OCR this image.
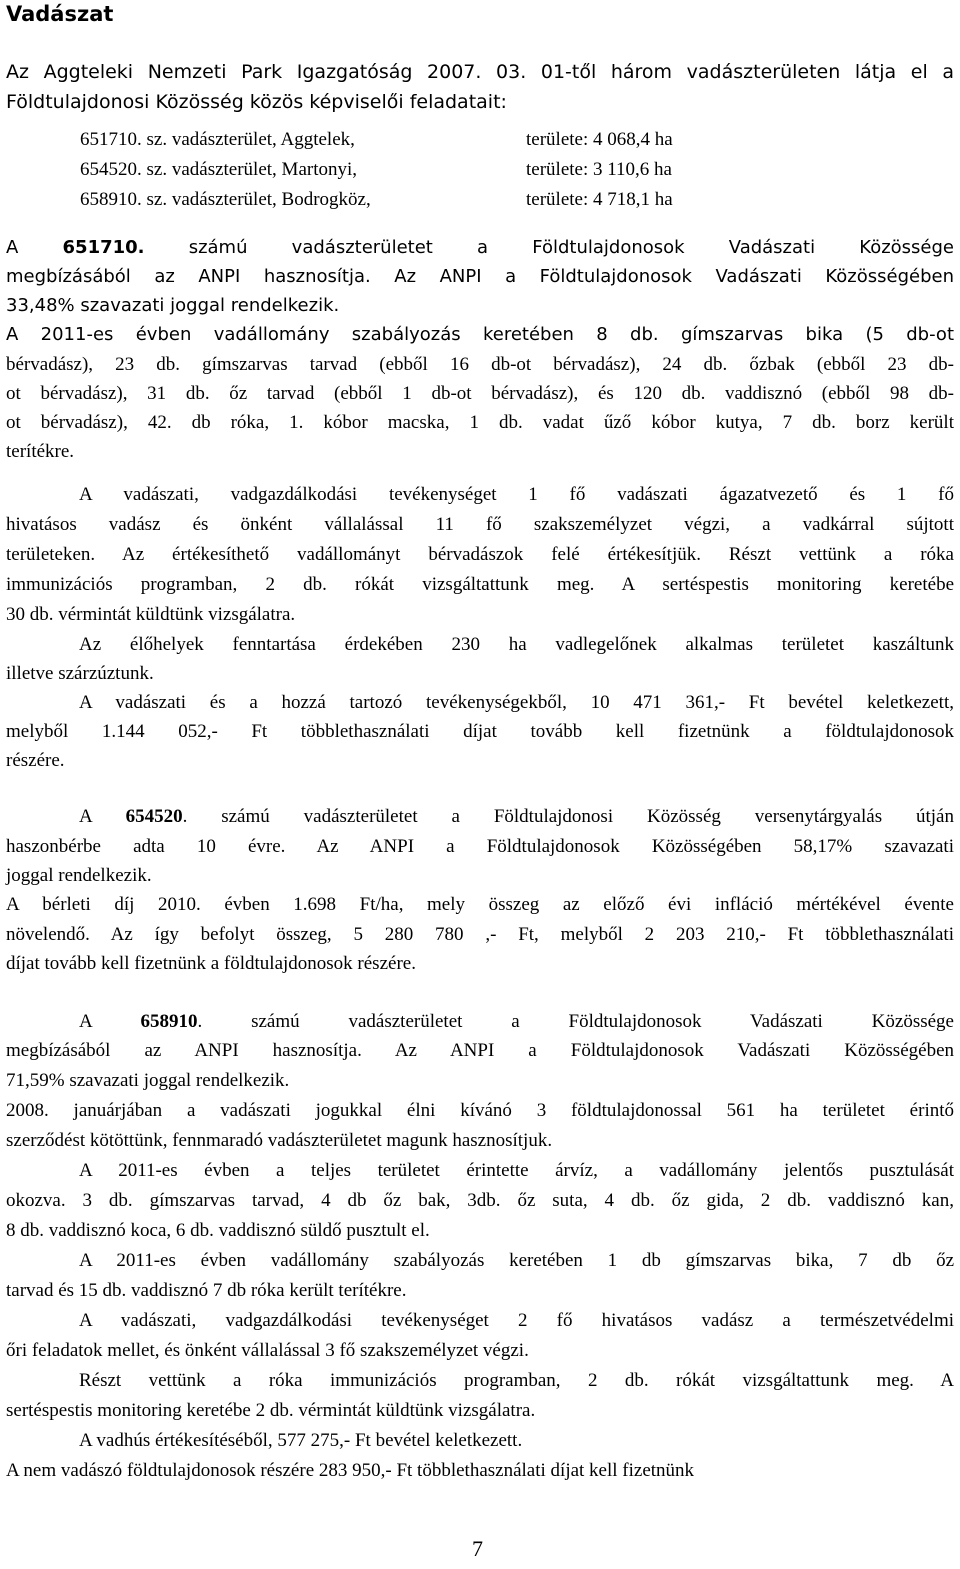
Vadászat
Az Aggteleki Nemzeti Park Igazgatóság 2007. 03. 01-től három vadászterületen látja el a
Földtulajdonosi Közösség közös képviselői feladatait:
651710. sz. vadászterület, Aggtelek,	területe: 4 068,4 ha
654520. sz. vadászterület, Martonyi,	területe: 3 110,6 ha
658910. sz. vadászterület, Bodrogköz,	területe: 4 718,1 ha
A 651710. számú vadászterületet a Földtulajdonosok Vadászati Közössége
megbízásából az ANPI hasznosítja. Az ANPI a Földtulajdonosok Vadászati Közösségében
33,48% szavazati joggal rendelkezik.
A 2011-es évben vadállomány szabályozás keretében 8 db. gímszarvas bika (5 db-ot
bérvadász), 23 db. gímszarvas tarvad (ebből 16 db-ot bérvadász), 24 db. őzbak (ebből 23 db-
ot bérvadász), 31 db. őz tarvad (ebből 1 db-ot bérvadász), és 120 db. vaddisznó (ebből 98 db-
ot bérvadász), 42. db róka, 1. kóbor macska, 1 db. vadat űző kóbor kutya, 7 db. borz került
terítékre.
A vadászati, vadgazdálkodási tevékenységet 1 fő vadászati ágazatvezető és 1 fő
hivatásos vadász és önként vállalással 11 fő szakszemélyzet végzi, a vadkárral sújtott
területeken. Az értékesíthető vadállományt bérvadászok felé értékesítjük. Részt vettünk a róka
immunizációs programban, 2 db. rókát vizsgáltattunk meg. A sertéspestis monitoring keretébe
30 db. vérmintát küldtünk vizsgálatra.
Az élőhelyek fenntartása érdekében 230 ha vadlegelőnek alkalmas területet kaszáltunk
illetve szárzúztunk.
A vadászati és a hozzá tartozó tevékenységekből, 10 471 361,- Ft bevétel keletkezett,
melyből 1.144 052,- Ft többlethasználati díjat tovább kell fizetnünk a földtulajdonosok
részére.
A 654520. számú vadászterületet a Földtulajdonosi Közösség versenytárgyalás útján
haszonbérbe adta 10 évre. Az ANPI a Földtulajdonosok Közösségében 58,17% szavazati
joggal rendelkezik.
A bérleti díj 2010. évben 1.698 Ft/ha, mely összeg az előző évi infláció mértékével évente
növelendő. Az így befolyt összeg, 5 280 780 ,- Ft, melyből 2 203 210,- Ft többlethasználati
díjat tovább kell fizetnünk a földtulajdonosok részére.
A 658910. számú vadászterületet a Földtulajdonosok Vadászati Közössége
megbízásából az ANPI hasznosítja. Az ANPI a Földtulajdonosok Vadászati Közösségében
71,59% szavazati joggal rendelkezik.
2008. januárjában a vadászati jogukkal élni kívánó 3 földtulajdonossal 561 ha területet érintő
szerződést kötöttünk, fennmaradó vadászterületet magunk hasznosítjuk.
A 2011-es évben a teljes területet érintette árvíz, a vadállomány jelentős pusztulását
okozva. 3 db. gímszarvas tarvad, 4 db őz bak, 3db. őz suta, 4 db. őz gida, 2 db. vaddisznó kan,
8 db. vaddisznó koca, 6 db. vaddisznó süldő pusztult el.
A 2011-es évben vadállomány szabályozás keretében 1 db gímszarvas bika, 7 db őz
tarvad és 15 db. vaddisznó 7 db róka került terítékre.
A vadászati, vadgazdálkodási tevékenységet 2 fő hivatásos vadász a természetvédelmi
őri feladatok mellet, és önként vállalással 3 fő szakszemélyzet végzi.
Részt vettünk a róka immunizációs programban, 2 db. rókát vizsgáltattunk meg. A
sertéspestis monitoring keretébe 2 db. vérmintát küldtünk vizsgálatra.
A vadhús értékesítéséből, 577 275,- Ft bevétel keletkezett.
A nem vadászó földtulajdonosok részére 283 950,- Ft többlethasználati díjat kell fizetnünk
7
